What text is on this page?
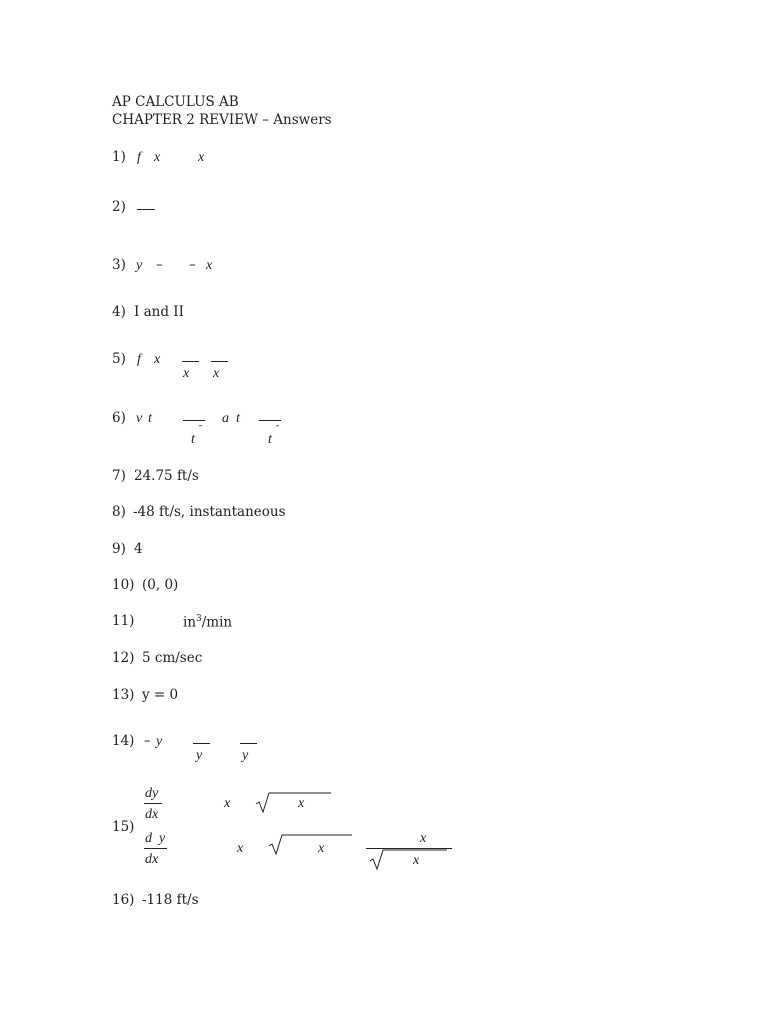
AP CALCULUS AB
CHAPTER 2 REVIEW – Answers
1) f x	x
2)
3) y – – x
4) I and II
5) f x
x x
6) v t
t
¯
a t
t
¯
7) 24.75 ft/s
8) -48 ft/s, instantaneous
9) 4
10) (0, 0)
11)	$in^3/\min$
12) 5 cm/sec
13) y = 0
14) – y
y	y
15)
dy
dx
x	x
d y
dx
x	x
x
x
16) -118 ft/s
